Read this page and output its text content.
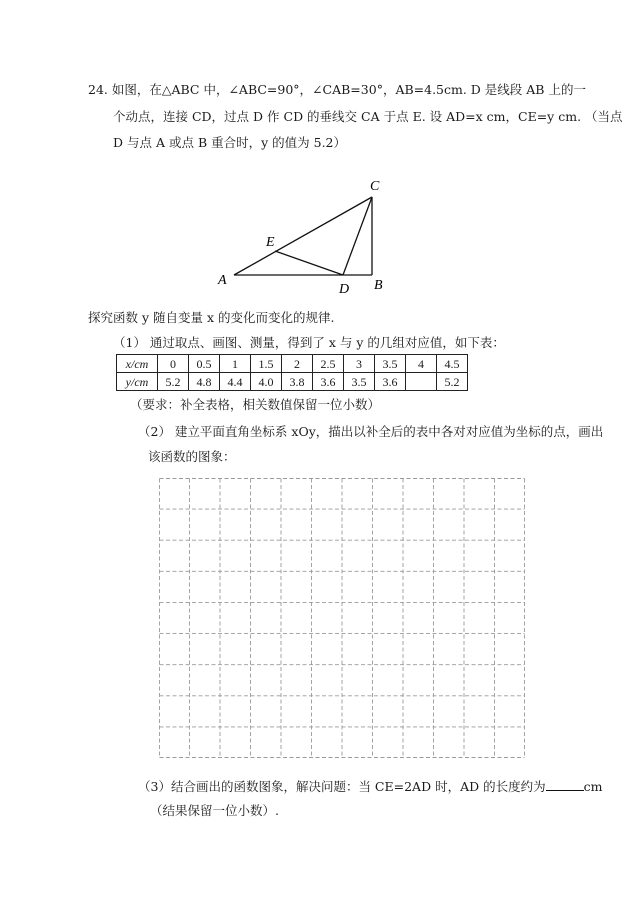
24. 如图，在△ABC 中，∠ABC=90°，∠CAB=30°，AB=4.5cm. D 是线段 AB 上的一
个动点，连接 CD，过点 D 作 CD 的垂线交 CA 于点 E. 设 AD=x cm，CE=y cm. （当点
D 与点 A 或点 B 重合时，y 的值为 5.2）
A	B
C
D
E
探究函数 y 随自变量 x 的变化而变化的规律.
（1） 通过取点、画图、测量，得到了 x 与 y 的几组对应值，如下表：
x/cm	0	0.5	1	1.5	2	2.5	3	3.5	4	4.5
y/cm	5.2	4.8	4.4	4.0	3.8	3.6	3.5	3.6		5.2
（要求：补全表格，相关数值保留一位小数）
（2） 建立平面直角坐标系 xOy，描出以补全后的表中各对对应值为坐标的点，画出
该函数的图象：
（3）结合画出的函数图象，解决问题：当 CE=2AD 时，AD 的长度约为	cm
（结果保留一位小数）.
